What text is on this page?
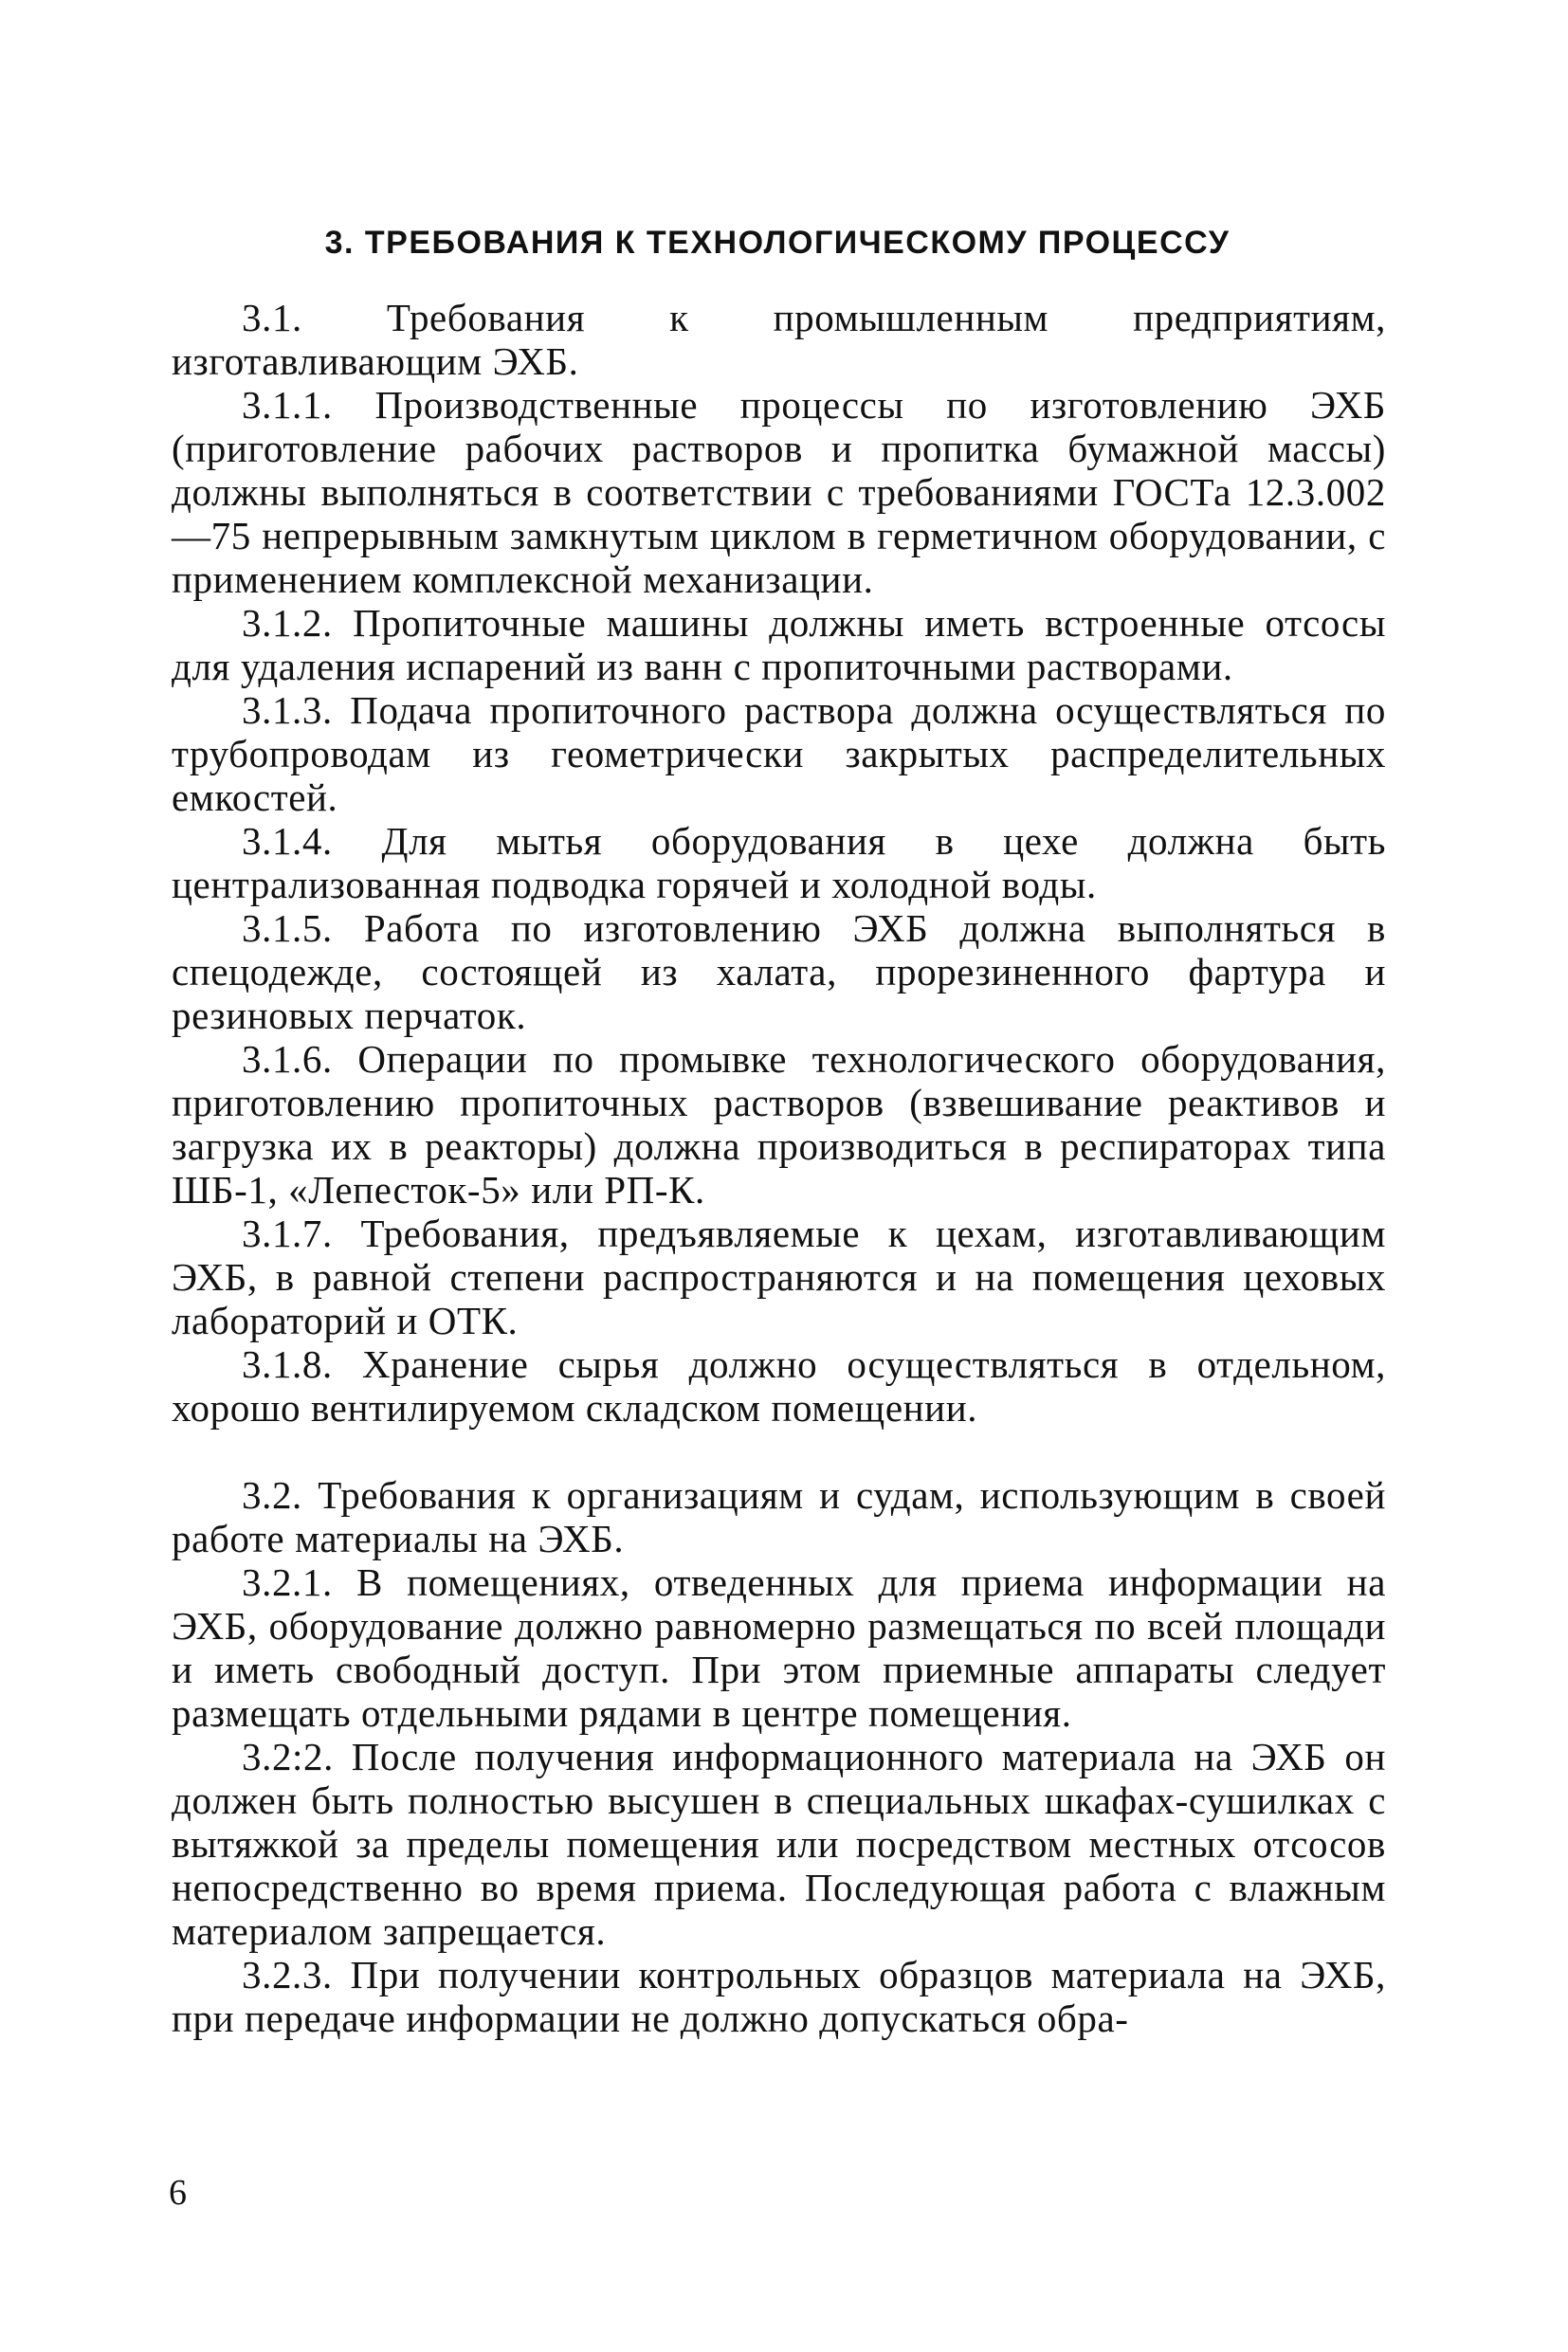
3. ТРЕБОВАНИЯ К ТЕХНОЛОГИЧЕСКОМУ ПРОЦЕССУ

3.1. Требования к промышленным предприятиям, изготавливающим ЭХБ.

3.1.1. Производственные процессы по изготовлению ЭХБ (приготовление рабочих растворов и пропитка бумажной массы) должны выполняться в соответствии с требованиями ГОСТа 12.3.002—75 непрерывным замкнутым циклом в герметичном оборудовании, с применением комплексной механизации.

3.1.2. Пропиточные машины должны иметь встроенные отсосы для удаления испарений из ванн с пропиточными растворами.

3.1.3. Подача пропиточного раствора должна осуществляться по трубопроводам из геометрически закрытых распределительных емкостей.

3.1.4. Для мытья оборудования в цехе должна быть централизованная подводка горячей и холодной воды.

3.1.5. Работа по изготовлению ЭХБ должна выполняться в спецодежде, состоящей из халата, прорезиненного фартура и резиновых перчаток.

3.1.6. Операции по промывке технологического оборудования, приготовлению пропиточных растворов (взвешивание реактивов и загрузка их в реакторы) должна производиться в респираторах типа ШБ-1, «Лепесток-5» или РП-К.

3.1.7. Требования, предъявляемые к цехам, изготавливающим ЭХБ, в равной степени распространяются и на помещения цеховых лабораторий и ОТК.

3.1.8. Хранение сырья должно осуществляться в отдельном, хорошо вентилируемом складском помещении.

3.2. Требования к организациям и судам, использующим в своей работе материалы на ЭХБ.

3.2.1. В помещениях, отведенных для приема информации на ЭХБ, оборудование должно равномерно размещаться по всей площади и иметь свободный доступ. При этом приемные аппараты следует размещать отдельными рядами в центре помещения.

3.2:2. После получения информационного материала на ЭХБ он должен быть полностью высушен в специальных шкафах-сушилках с вытяжкой за пределы помещения или посредством местных отсосов непосредственно во время приема. Последующая работа с влажным материалом запрещается.

3.2.3. При получении контрольных образцов материала на ЭХБ, при передаче информации не должно допускаться обра-

6
